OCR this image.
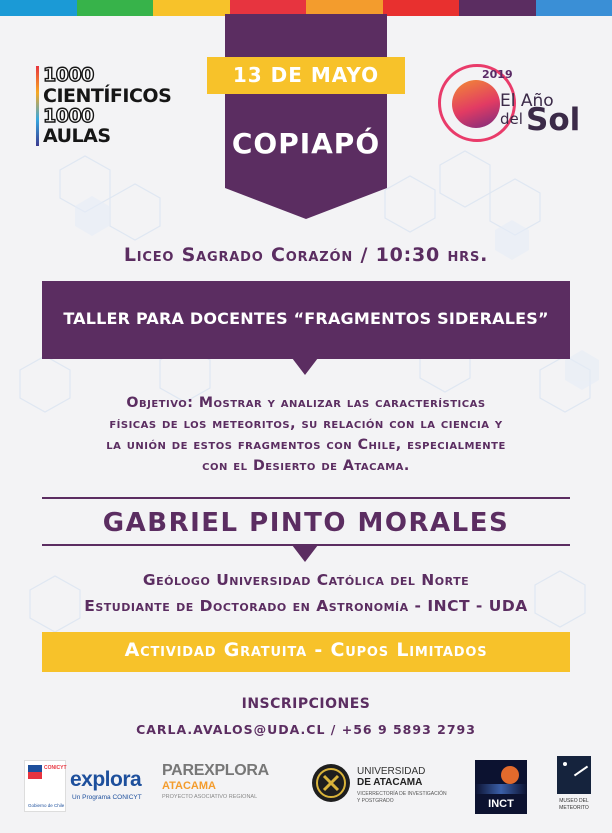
13 DE MAYO
COPIAPÓ
1000
CIENTÍFICOS
1000
AULAS
2019
El Año
del Sol
Liceo Sagrado Corazón / 10:30 hrs.
TALLER PARA DOCENTES “FRAGMENTOS SIDERALES”
Objetivo: Mostrar y analizar las características
físicas de los meteoritos, su relación con la ciencia y
la unión de estos fragmentos con Chile, especialmente
con el Desierto de Atacama.
GABRIEL PINTO MORALES
Geólogo Universidad Católica del Norte
Estudiante de Doctorado en Astronomía - INCT - UDA
Actividad Gratuita - Cupos Limitados
INSCRIPCIONES
CARLA.AVALOS@UDA.CL / +56 9 5893 2793
CONICYT
Gobierno de Chile
explora
Un Programa CONICYT
PAREXPLORA
ATACAMA
PROYECTO ASOCIATIVO REGIONAL
UNIVERSIDAD
DE ATACAMA
VICERRECTORÍA DE INVESTIGACIÓN
Y POSTGRADO	INCT	MUSEO DEL
METEORITO
